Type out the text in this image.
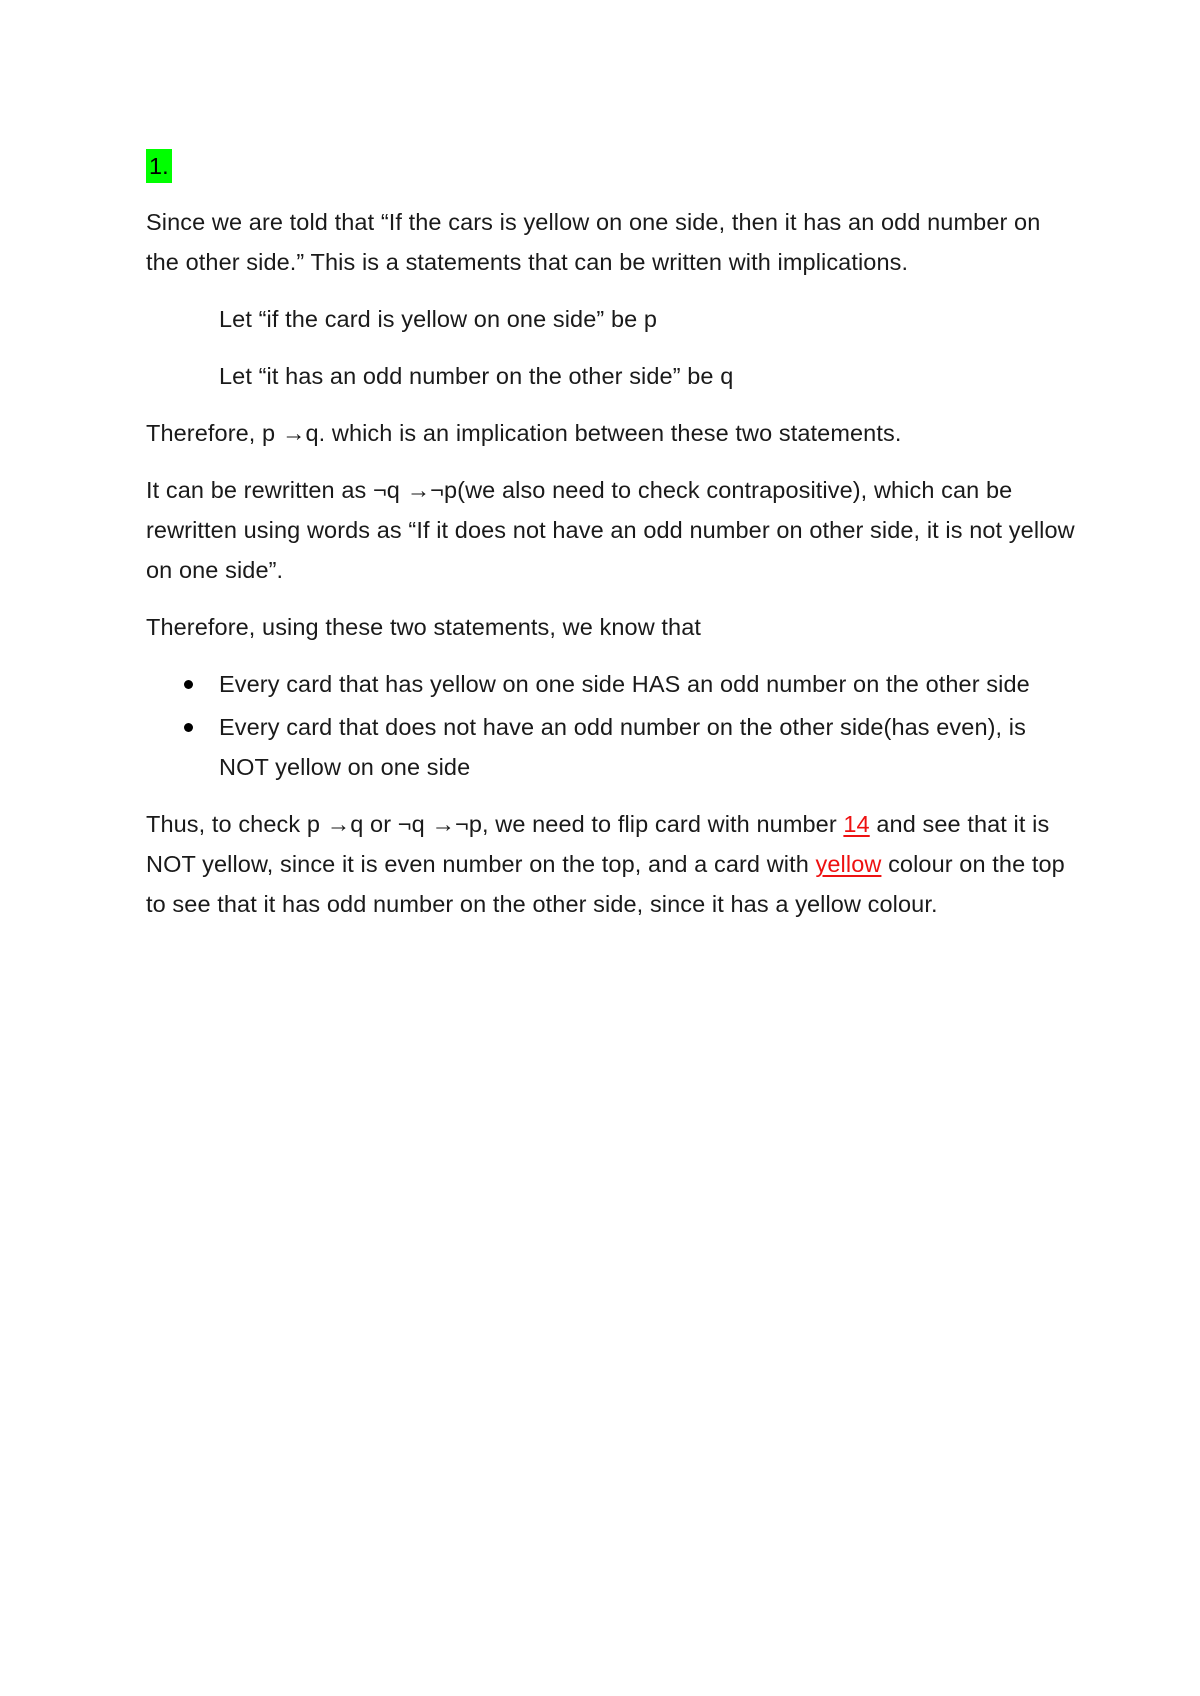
1.

Since we are told that “If the cars is yellow on one side, then it has an odd number on the other side.” This is a statements that can be written with implications.

Let “if the card is yellow on one side” be p

Let “it has an odd number on the other side” be q

Therefore, p →q. which is an implication between these two statements.

It can be rewritten as ¬q →¬p(we also need to check contrapositive), which can be rewritten using words as “If it does not have an odd number on other side, it is not yellow on one side”.

Therefore, using these two statements, we know that

Every card that has yellow on one side HAS an odd number on the other side
Every card that does not have an odd number on the other side(has even), is NOT yellow on one side

Thus, to check p →q or ¬q →¬p, we need to flip card with number 14 and see that it is NOT yellow, since it is even number on the top, and a card with yellow colour on the top to see that it has odd number on the other side, since it has a yellow colour.
